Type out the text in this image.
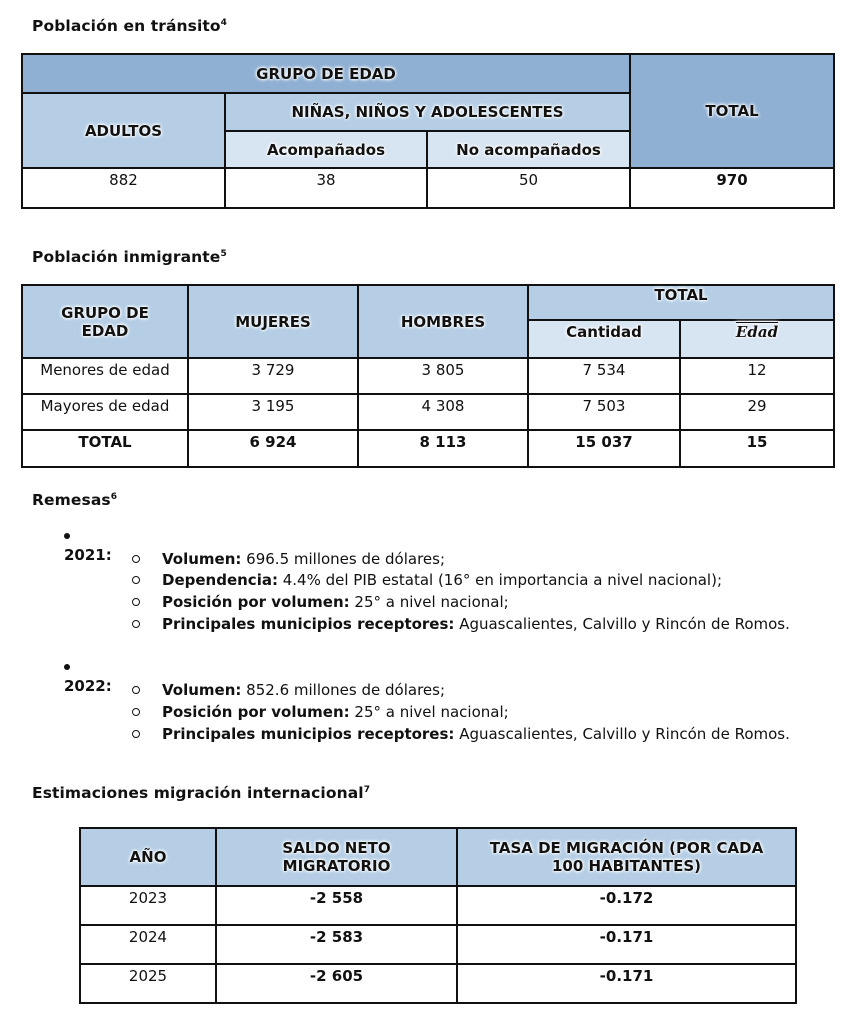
Población en tránsito$^4$
GRUPO DE EDAD			TOTAL
ADULTOS	NIÑAS, NIÑOS Y ADOLESCENTES		
	Acompañados	No acompañados	
882	38	50	970
Población inmigrante$^5$
GRUPO DE EDAD	MUJERES	HOMBRES	TOTAL	
			Cantidad	Edad
Menores de edad	3 729	3 805	7 534	12
Mayores de edad	3 195	4 308	7 503	29
TOTAL	6 924	8 113	15 037	15
Remesas$^6$
2021:	Volumen: 696.5 millones de dólares;
Dependencia: 4.4% del PIB estatal (16° en importancia a nivel nacional);
Posición por volumen: 25° a nivel nacional;
Principales municipios receptores: Aguascalientes, Calvillo y Rincón de Romos.
2022:	Volumen: 852.6 millones de dólares;
Posición por volumen: 25° a nivel nacional;
Principales municipios receptores: Aguascalientes, Calvillo y Rincón de Romos.
Estimaciones migración internacional$^7$
AÑO	SALDO NETO MIGRATORIO	TASA DE MIGRACIÓN (POR CADA 100 HABITANTES)
2023	-2 558	-0.172
2024	-2 583	-0.171
2025	-2 605	-0.171
